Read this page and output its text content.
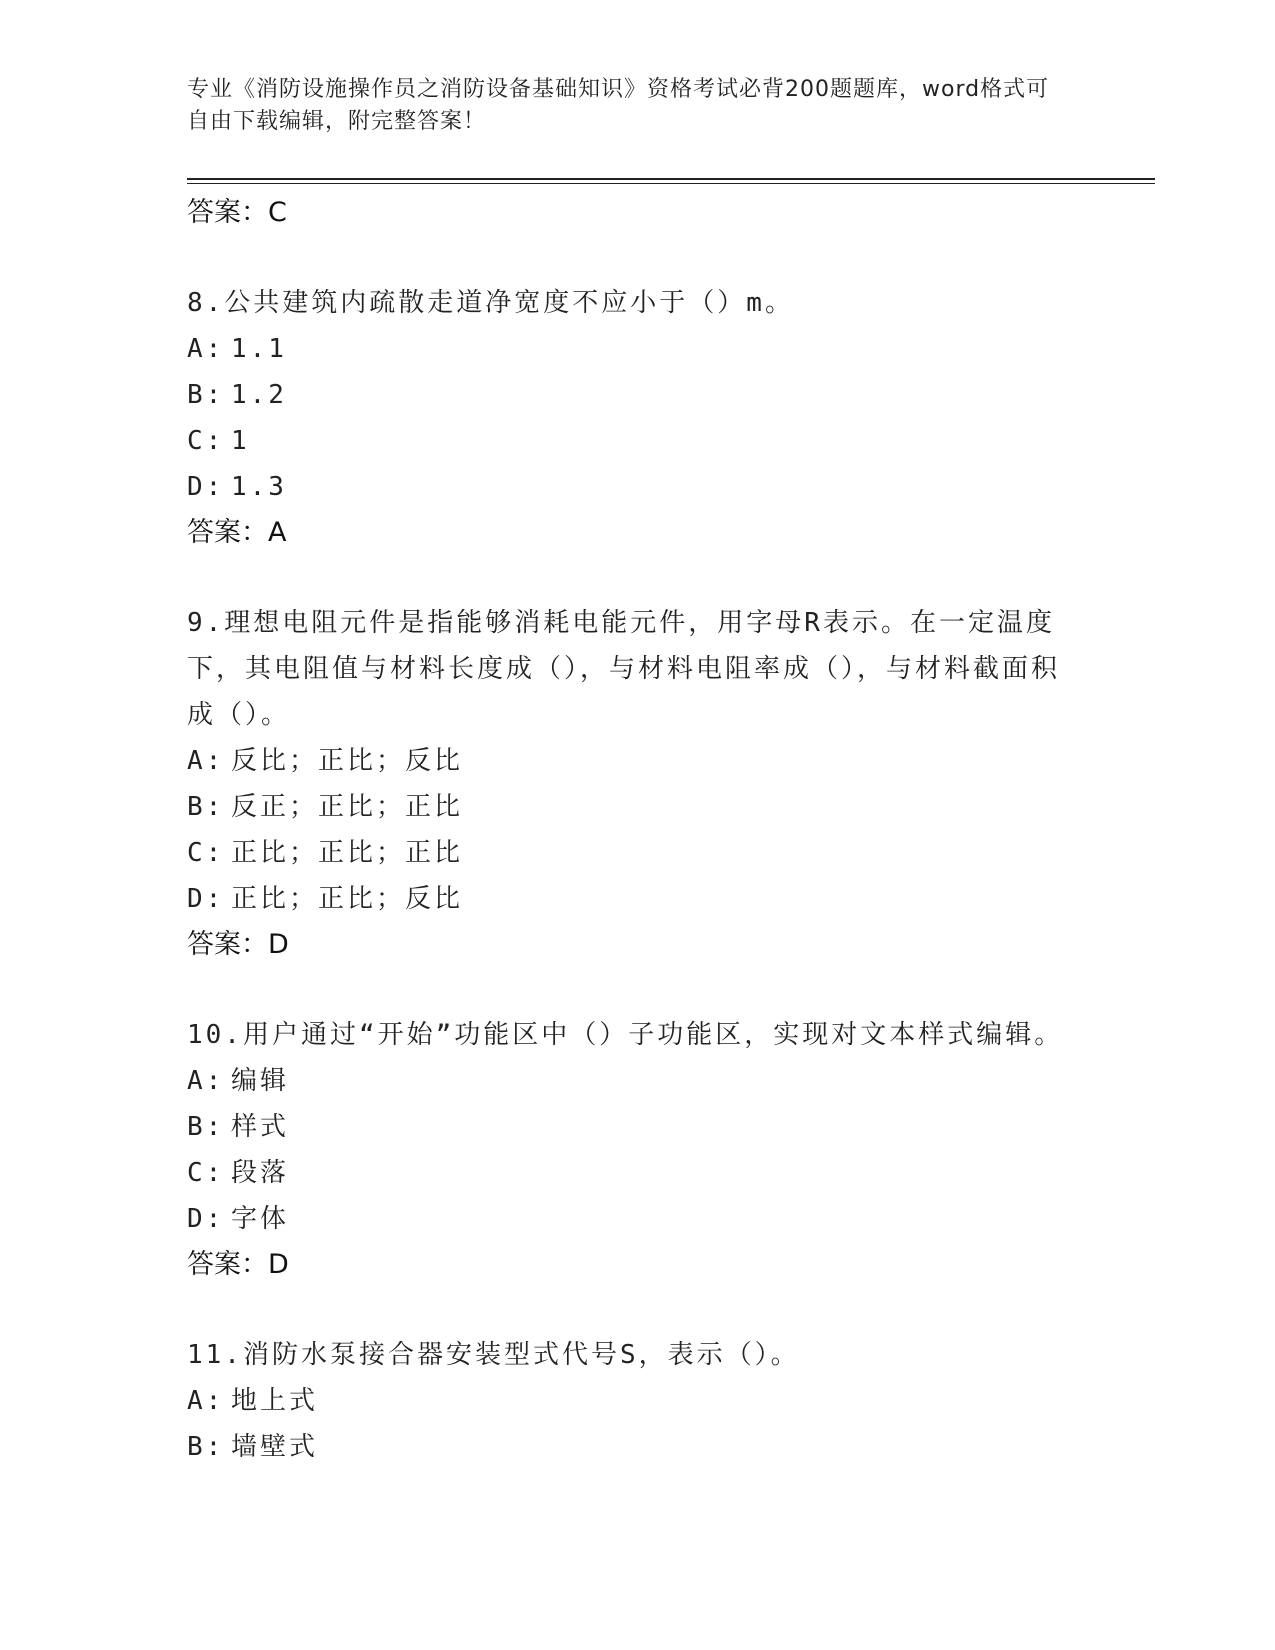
专业《消防设施操作员之消防设备基础知识》资格考试必背200题题库，word格式可自由下载编辑，附完整答案！
答案：C
8.公共建筑内疏散走道净宽度不应小于（）m。
A: 1.1
B: 1.2
C: 1
D: 1.3
答案：A
9.理想电阻元件是指能够消耗电能元件，用字母R表示。在一定温度下，其电阻值与材料长度成（），与材料电阻率成（），与材料截面积成（）。
A: 反比；正比；反比
B: 反正；正比；正比
C: 正比；正比；正比
D: 正比；正比；反比
答案：D
10.用户通过“开始”功能区中（）子功能区，实现对文本样式编辑。
A: 编辑
B: 样式
C: 段落
D: 字体
答案：D
11.消防水泵接合器安装型式代号S，表示（）。
A: 地上式
B: 墙壁式
